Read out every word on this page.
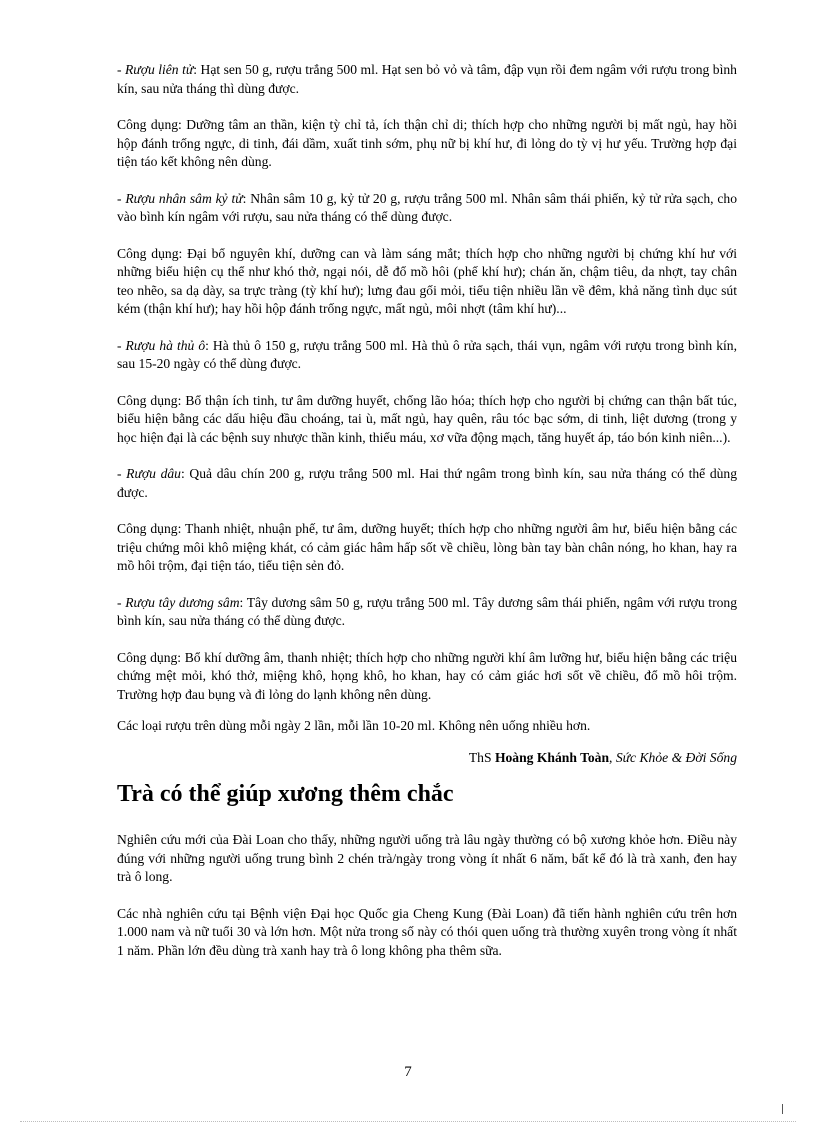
- Rượu liên tử: Hạt sen 50 g, rượu trắng 500 ml. Hạt sen bỏ vỏ và tâm, đập vụn rồi đem ngâm với rượu trong bình kín, sau nửa tháng thì dùng được.

Công dụng: Dưỡng tâm an thần, kiện tỳ chỉ tả, ích thận chỉ di; thích hợp cho những người bị mất ngủ, hay hồi hộp đánh trống ngực, di tinh, đái dầm, xuất tinh sớm, phụ nữ bị khí hư, đi lỏng do tỳ vị hư yếu. Trường hợp đại tiện táo kết không nên dùng.

- Rượu nhân sâm kỷ tử: Nhân sâm 10 g, kỷ tử 20 g, rượu trắng 500 ml. Nhân sâm thái phiến, kỷ tử rửa sạch, cho vào bình kín ngâm với rượu, sau nửa tháng có thể dùng được.

Công dụng: Đại bổ nguyên khí, dưỡng can và làm sáng mắt; thích hợp cho những người bị chứng khí hư với những biểu hiện cụ thể như khó thở, ngại nói, dễ đổ mồ hôi (phế khí hư); chán ăn, chậm tiêu, da nhợt, tay chân teo nhẽo, sa dạ dày, sa trực tràng (tỳ khí hư); lưng đau gối mỏi, tiểu tiện nhiều lần về đêm, khả năng tình dục sút kém (thận khí hư); hay hồi hộp đánh trống ngực, mất ngủ, môi nhợt (tâm khí hư)...

- Rượu hà thủ ô: Hà thủ ô 150 g, rượu trắng 500 ml. Hà thủ ô rửa sạch, thái vụn, ngâm với rượu trong bình kín, sau 15-20 ngày có thể dùng được.

Công dụng: Bổ thận ích tinh, tư âm dưỡng huyết, chống lão hóa; thích hợp cho người bị chứng can thận bất túc, biểu hiện bằng các dấu hiệu đầu choáng, tai ù, mất ngủ, hay quên, râu tóc bạc sớm, di tinh, liệt dương (trong y học hiện đại là các bệnh suy nhược thần kinh, thiếu máu, xơ vữa động mạch, tăng huyết áp, táo bón kinh niên...).

- Rượu dâu: Quả dâu chín 200 g, rượu trắng 500 ml. Hai thứ ngâm trong bình kín, sau nửa tháng có thể dùng được.

Công dụng: Thanh nhiệt, nhuận phế, tư âm, dưỡng huyết; thích hợp cho những người âm hư, biểu hiện bằng các triệu chứng môi khô miệng khát, có cảm giác hâm hấp sốt về chiều, lòng bàn tay bàn chân nóng, ho khan, hay ra mồ hôi trộm, đại tiện táo, tiểu tiện sẻn đỏ.

- Rượu tây dương sâm: Tây dương sâm 50 g, rượu trắng 500 ml. Tây dương sâm thái phiến, ngâm với rượu trong bình kín, sau nửa tháng có thể dùng được.

Công dụng: Bổ khí dưỡng âm, thanh nhiệt; thích hợp cho những người khí âm lưỡng hư, biểu hiện bằng các triệu chứng mệt mỏi, khó thở, miệng khô, họng khô, ho khan, hay có cảm giác hơi sốt về chiều, đổ mồ hôi trộm. Trường hợp đau bụng và đi lỏng do lạnh không nên dùng.

Các loại rượu trên dùng mỗi ngày 2 lần, mỗi lần 10-20 ml. Không nên uống nhiều hơn.

ThS Hoàng Khánh Toàn, Sức Khỏe & Đời Sống

Trà có thể giúp xương thêm chắc

Nghiên cứu mới của Đài Loan cho thấy, những người uống trà lâu ngày thường có bộ xương khỏe hơn. Điều này đúng với những người uống trung bình 2 chén trà/ngày trong vòng ít nhất 6 năm, bất kể đó là trà xanh, đen hay trà ô long.

Các nhà nghiên cứu tại Bệnh viện Đại học Quốc gia Cheng Kung (Đài Loan) đã tiến hành nghiên cứu trên hơn 1.000 nam và nữ tuổi 30 và lớn hơn. Một nửa trong số này có thói quen uống trà thường xuyên trong vòng ít nhất 1 năm. Phần lớn đều dùng trà xanh hay trà ô long không pha thêm sữa.

7
